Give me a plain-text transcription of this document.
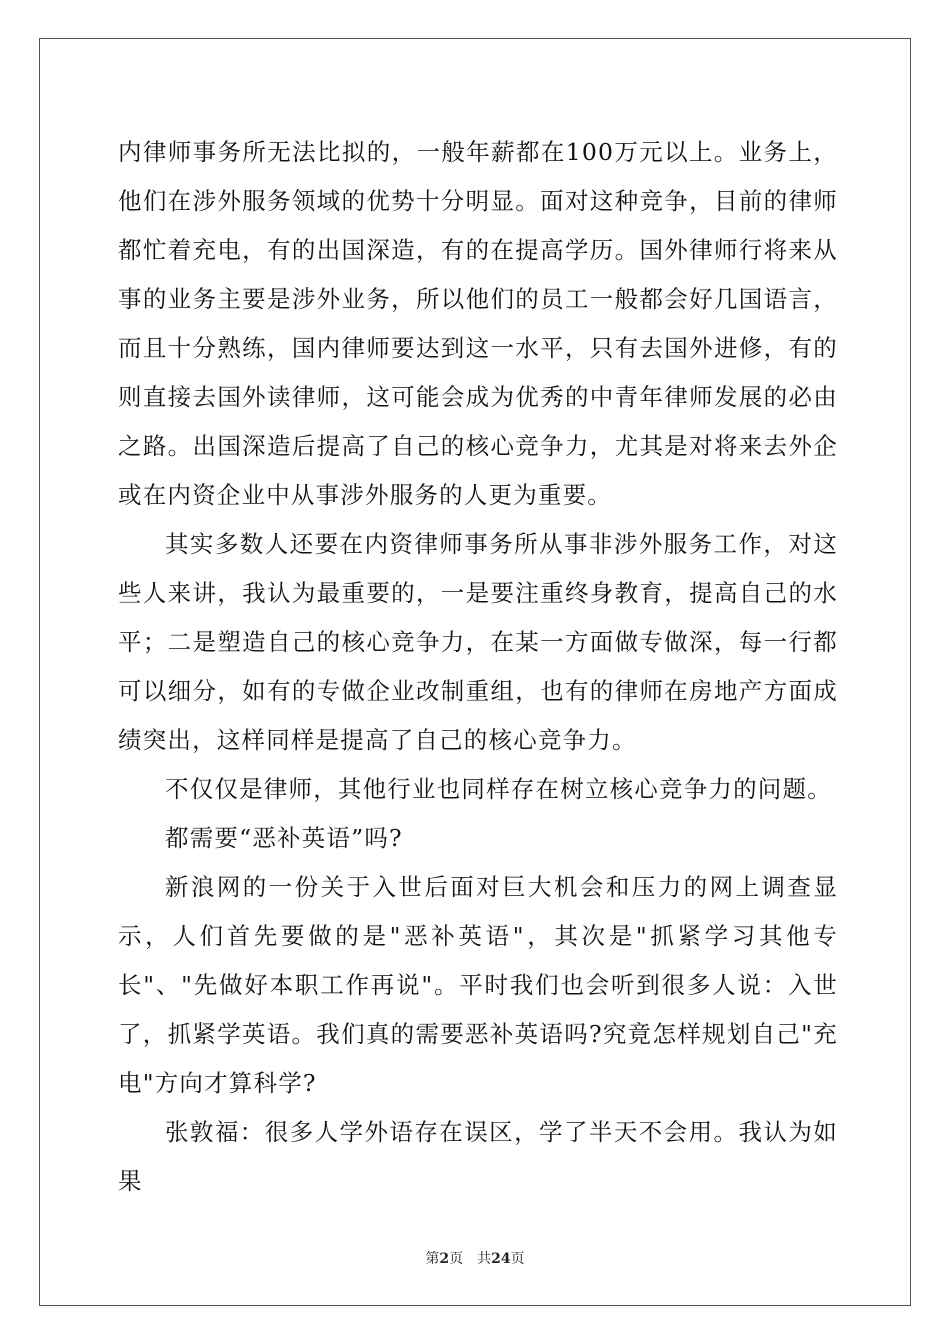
内律师事务所无法比拟的，一般年薪都在100万元以上。业务上，他们在涉外服务领域的优势十分明显。面对这种竞争，目前的律师都忙着充电，有的出国深造，有的在提高学历。国外律师行将来从事的业务主要是涉外业务，所以他们的员工一般都会好几国语言，而且十分熟练，国内律师要达到这一水平，只有去国外进修，有的则直接去国外读律师，这可能会成为优秀的中青年律师发展的必由之路。出国深造后提高了自己的核心竞争力，尤其是对将来去外企或在内资企业中从事涉外服务的人更为重要。

其实多数人还要在内资律师事务所从事非涉外服务工作，对这些人来讲，我认为最重要的，一是要注重终身教育，提高自己的水平；二是塑造自己的核心竞争力，在某一方面做专做深，每一行都可以细分，如有的专做企业改制重组，也有的律师在房地产方面成绩突出，这样同样是提高了自己的核心竞争力。

不仅仅是律师，其他行业也同样存在树立核心竞争力的问题。

都需要“恶补英语”吗?

新浪网的一份关于入世后面对巨大机会和压力的网上调查显示，人们首先要做的是"恶补英语"，其次是"抓紧学习其他专长"、"先做好本职工作再说"。平时我们也会听到很多人说：入世了，抓紧学英语。我们真的需要恶补英语吗?究竟怎样规划自己"充电"方向才算科学?

张敦福：很多人学外语存在误区，学了半天不会用。我认为如果

第2页 共24页
